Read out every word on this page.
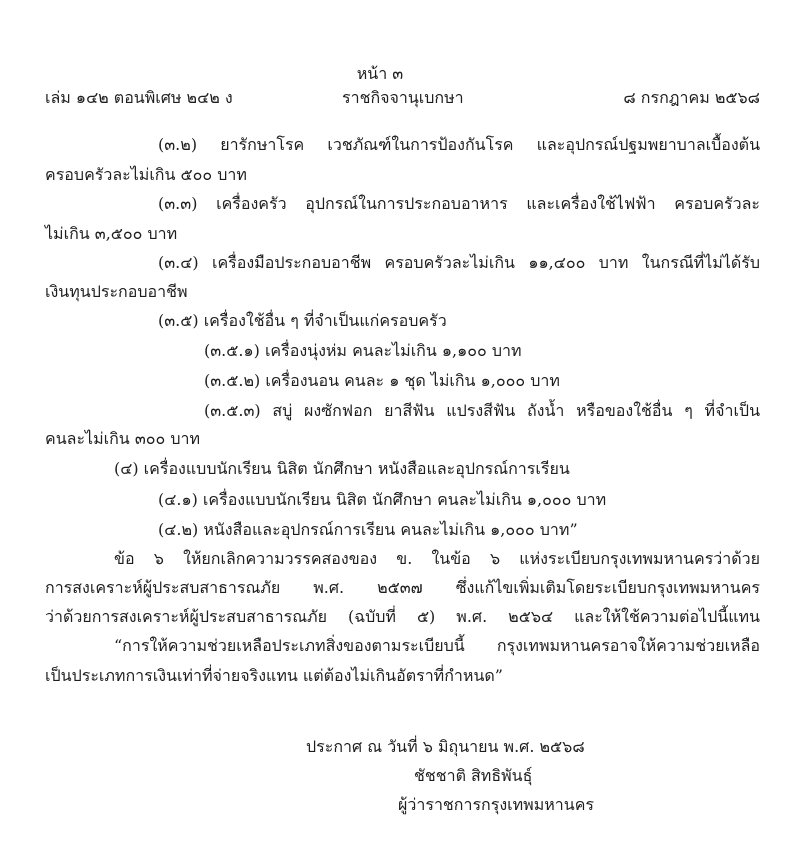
หน้า ๓
เล่ม ๑๔๒ ตอนพิเศษ ๒๔๒ ง	ราชกิจจานุเบกษา	๘ กรกฎาคม ๒๕๖๘
(๓.๒) ยารักษาโรค เวชภัณฑ์ในการป้องกันโรค และอุปกรณ์ปฐมพยาบาลเบื้องต้น
ครอบครัวละไม่เกิน ๕๐๐ บาท
(๓.๓) เครื่องครัว อุปกรณ์ในการประกอบอาหาร และเครื่องใช้ไฟฟ้า ครอบครัวละ
ไม่เกิน ๓,๕๐๐ บาท
(๓.๔) เครื่องมือประกอบอาชีพ ครอบครัวละไม่เกิน ๑๑,๔๐๐ บาท ในกรณีที่ไม่ได้รับ
เงินทุนประกอบอาชีพ
(๓.๕) เครื่องใช้อื่น ๆ ที่จำเป็นแก่ครอบครัว
(๓.๕.๑) เครื่องนุ่งห่ม คนละไม่เกิน ๑,๑๐๐ บาท
(๓.๕.๒) เครื่องนอน คนละ ๑ ชุด ไม่เกิน ๑,๐๐๐ บาท
(๓.๕.๓) สบู่ ผงซักฟอก ยาสีฟัน แปรงสีฟัน ถังน้ำ หรือของใช้อื่น ๆ ที่จำเป็น
คนละไม่เกิน ๓๐๐ บาท
(๔) เครื่องแบบนักเรียน นิสิต นักศึกษา หนังสือและอุปกรณ์การเรียน
(๔.๑) เครื่องแบบนักเรียน นิสิต นักศึกษา คนละไม่เกิน ๑,๐๐๐ บาท
(๔.๒) หนังสือและอุปกรณ์การเรียน คนละไม่เกิน ๑,๐๐๐ บาท”
ข้อ ๖ ให้ยกเลิกความวรรคสองของ ข. ในข้อ ๖ แห่งระเบียบกรุงเทพมหานครว่าด้วย
การสงเคราะห์ผู้ประสบสาธารณภัย พ.ศ. ๒๕๓๗ ซึ่งแก้ไขเพิ่มเติมโดยระเบียบกรุงเทพมหานคร
ว่าด้วยการสงเคราะห์ผู้ประสบสาธารณภัย (ฉบับที่ ๕) พ.ศ. ๒๕๖๔ และให้ใช้ความต่อไปนี้แทน
“การให้ความช่วยเหลือประเภทสิ่งของตามระเบียบนี้ กรุงเทพมหานครอาจให้ความช่วยเหลือ
เป็นประเภทการเงินเท่าที่จ่ายจริงแทน แต่ต้องไม่เกินอัตราที่กำหนด”
ประกาศ ณ วันที่ ๖ มิถุนายน พ.ศ. ๒๕๖๘
ชัชชาติ สิทธิพันธุ์
ผู้ว่าราชการกรุงเทพมหานคร
